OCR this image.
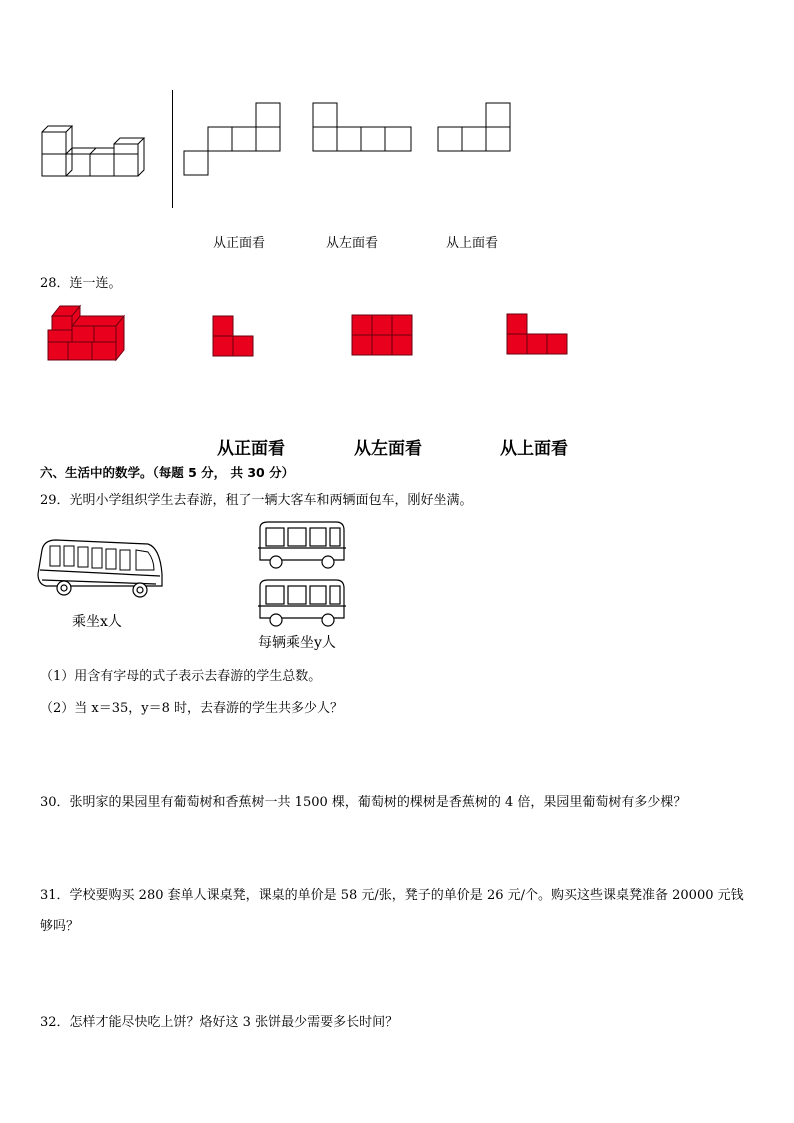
从正面看	从左面看	从上面看
28．连一连。
从正面看	从左面看	从上面看
六、生活中的数学。（每题 5 分， 共 30 分）
29．光明小学组织学生去春游，租了一辆大客车和两辆面包车，刚好坐满。
乘坐x人
每辆乘坐y人
（1）用含有字母的式子表示去春游的学生总数。
（2）当 x＝35，y＝8 时，去春游的学生共多少人？
30．张明家的果园里有葡萄树和香蕉树一共 1500 棵，葡萄树的棵树是香蕉树的 4 倍，果园里葡萄树有多少棵？
31．学校要购买 280 套单人课桌凳，课桌的单价是 58 元/张，凳子的单价是 26 元/个。购买这些课桌凳准备 20000 元钱
够吗？
32．怎样才能尽快吃上饼？烙好这 3 张饼最少需要多长时间？
